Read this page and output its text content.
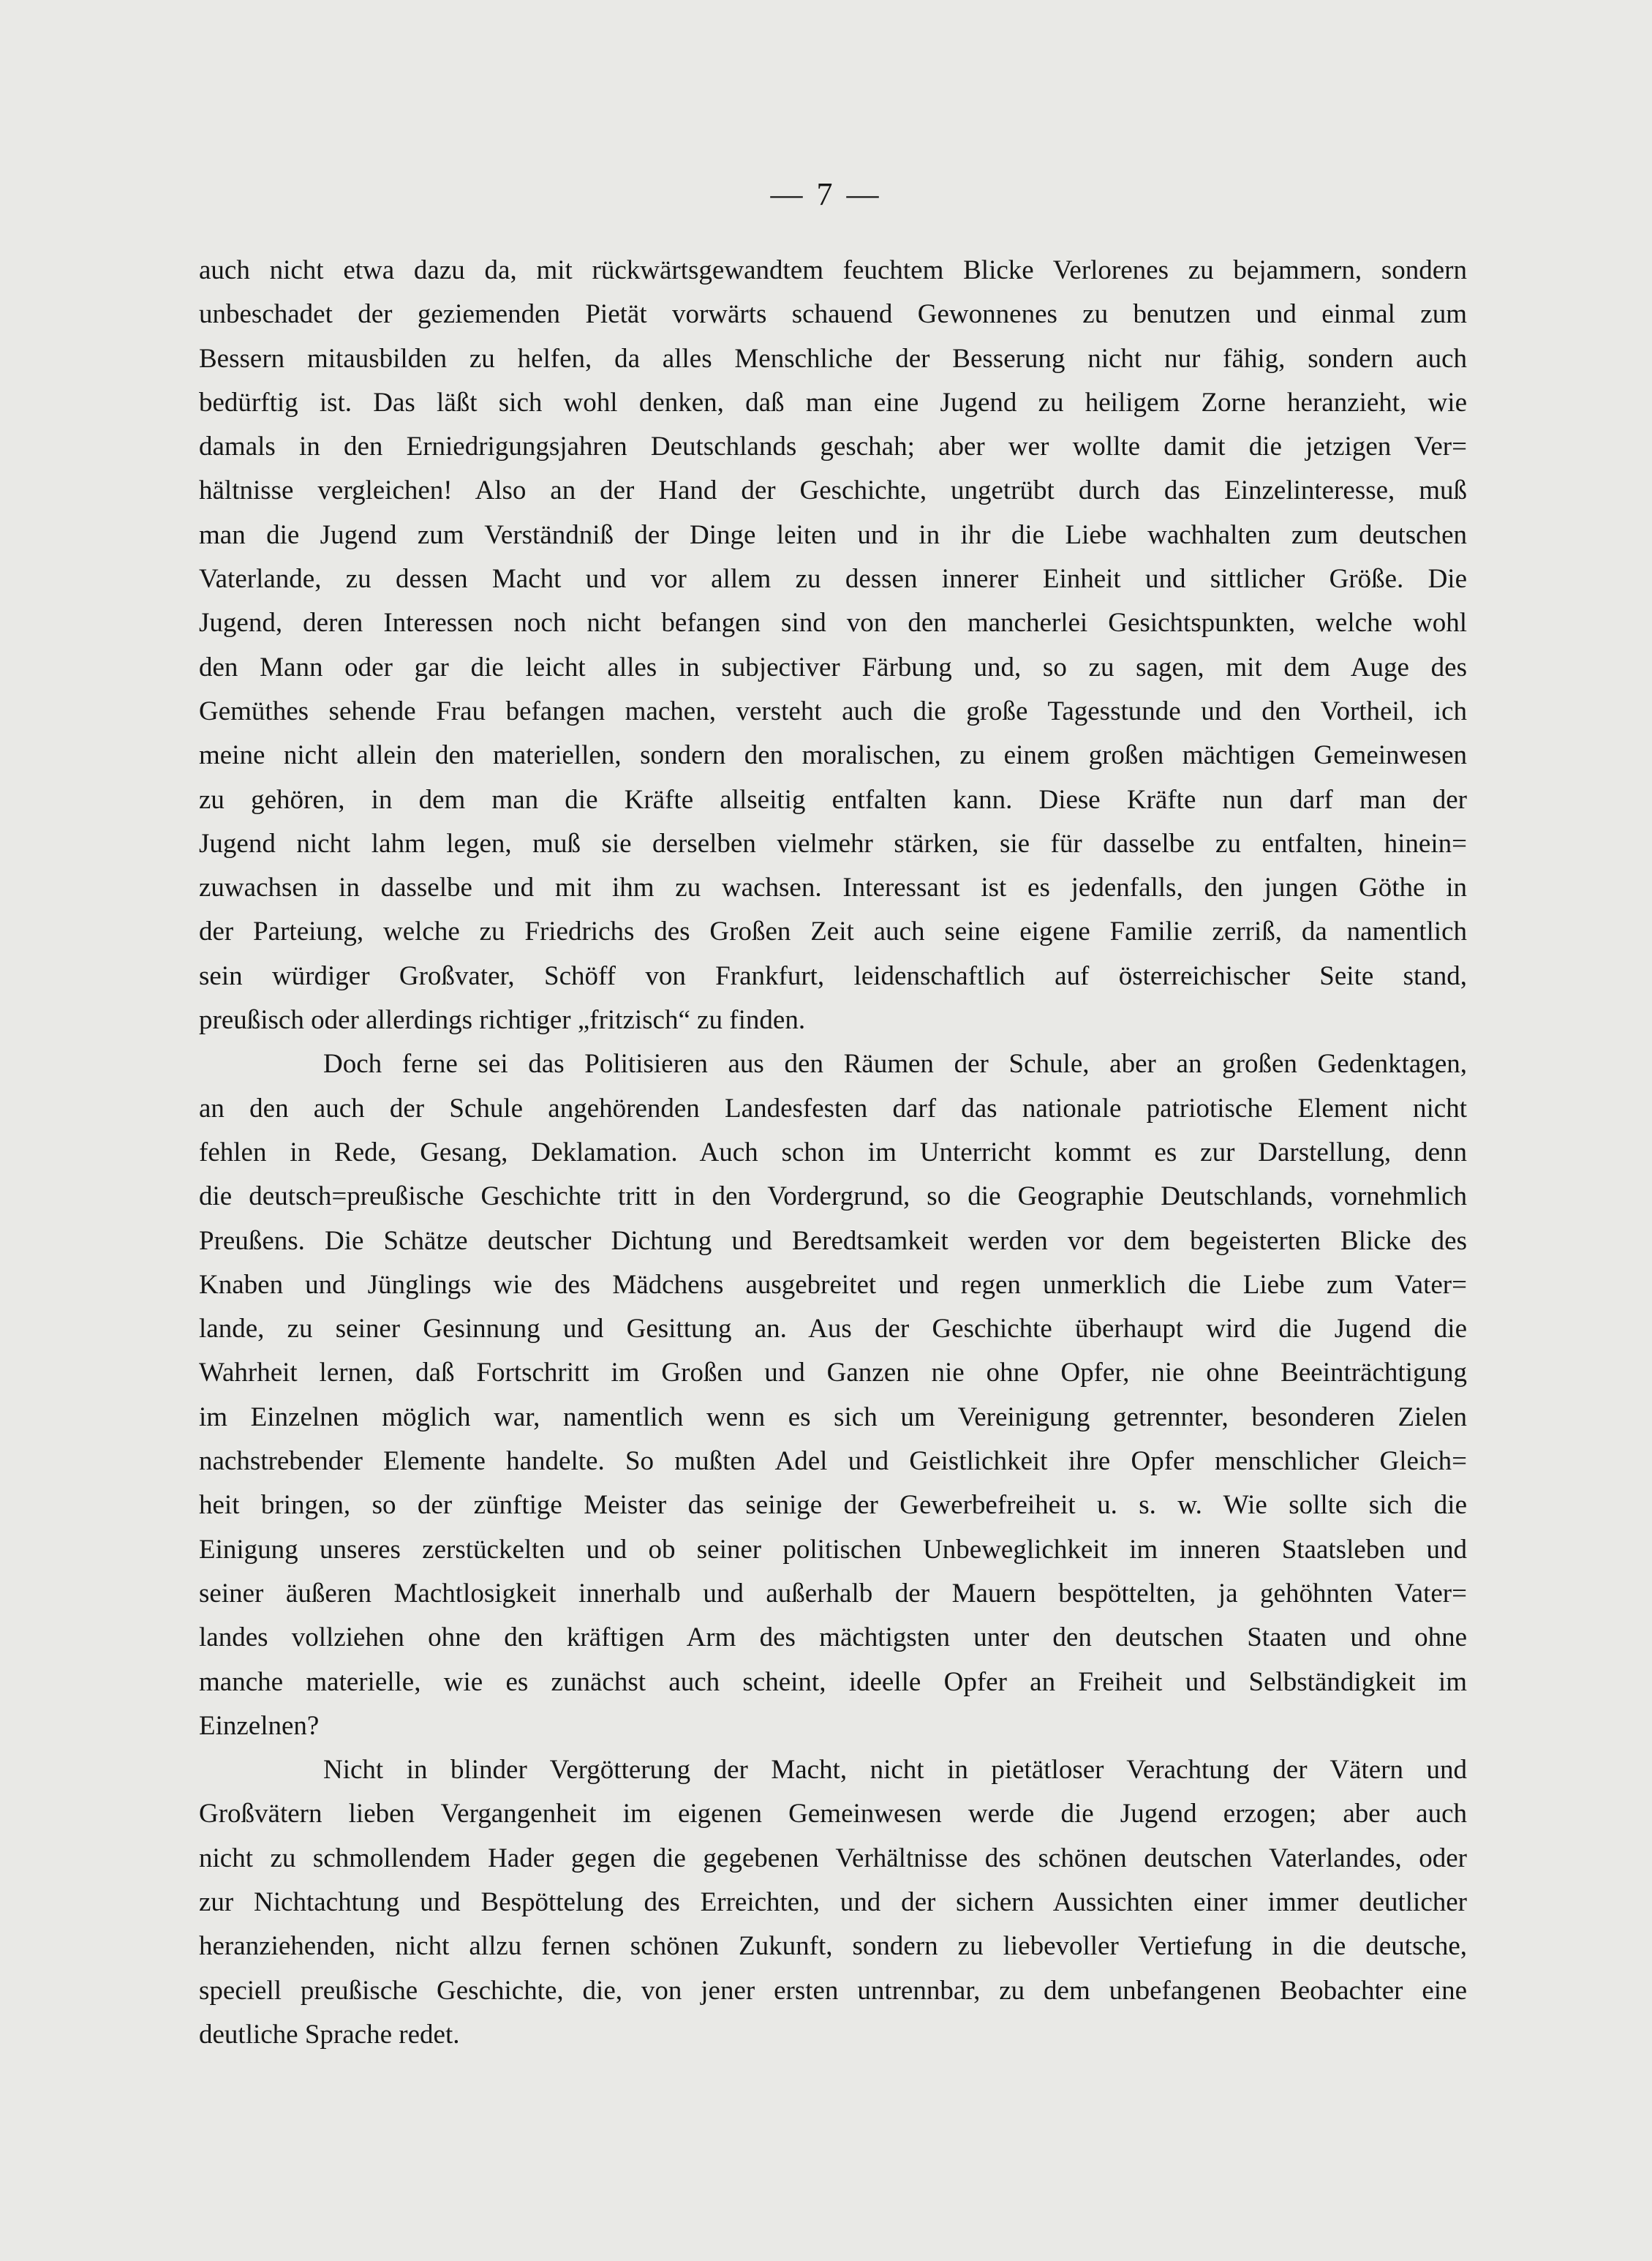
— 7 —
auch nicht etwa dazu da, mit rückwärtsgewandtem feuchtem Blicke Verlorenes zu bejammern, sondern
unbeschadet der geziemenden Pietät vorwärts schauend Gewonnenes zu benutzen und einmal zum
Bessern mitausbilden zu helfen, da alles Menschliche der Besserung nicht nur fähig, sondern auch
bedürftig ist. Das läßt sich wohl denken, daß man eine Jugend zu heiligem Zorne heranzieht, wie
damals in den Erniedrigungsjahren Deutschlands geschah; aber wer wollte damit die jetzigen Ver=
hältnisse vergleichen! Also an der Hand der Geschichte, ungetrübt durch das Einzelinteresse, muß
man die Jugend zum Verständniß der Dinge leiten und in ihr die Liebe wachhalten zum deutschen
Vaterlande, zu dessen Macht und vor allem zu dessen innerer Einheit und sittlicher Größe. Die
Jugend, deren Interessen noch nicht befangen sind von den mancherlei Gesichtspunkten, welche wohl
den Mann oder gar die leicht alles in subjectiver Färbung und, so zu sagen, mit dem Auge des
Gemüthes sehende Frau befangen machen, versteht auch die große Tagesstunde und den Vortheil, ich
meine nicht allein den materiellen, sondern den moralischen, zu einem großen mächtigen Gemeinwesen
zu gehören, in dem man die Kräfte allseitig entfalten kann. Diese Kräfte nun darf man der
Jugend nicht lahm legen, muß sie derselben vielmehr stärken, sie für dasselbe zu entfalten, hinein=
zuwachsen in dasselbe und mit ihm zu wachsen. Interessant ist es jedenfalls, den jungen Göthe in
der Parteiung, welche zu Friedrichs des Großen Zeit auch seine eigene Familie zerriß, da namentlich
sein würdiger Großvater, Schöff von Frankfurt, leidenschaftlich auf österreichischer Seite stand,
preußisch oder allerdings richtiger „fritzisch“ zu finden.
Doch ferne sei das Politisieren aus den Räumen der Schule, aber an großen Gedenktagen,
an den auch der Schule angehörenden Landesfesten darf das nationale patriotische Element nicht
fehlen in Rede, Gesang, Deklamation. Auch schon im Unterricht kommt es zur Darstellung, denn
die deutsch=preußische Geschichte tritt in den Vordergrund, so die Geographie Deutschlands, vornehmlich
Preußens. Die Schätze deutscher Dichtung und Beredtsamkeit werden vor dem begeisterten Blicke des
Knaben und Jünglings wie des Mädchens ausgebreitet und regen unmerklich die Liebe zum Vater=
lande, zu seiner Gesinnung und Gesittung an. Aus der Geschichte überhaupt wird die Jugend die
Wahrheit lernen, daß Fortschritt im Großen und Ganzen nie ohne Opfer, nie ohne Beeinträchtigung
im Einzelnen möglich war, namentlich wenn es sich um Vereinigung getrennter, besonderen Zielen
nachstrebender Elemente handelte. So mußten Adel und Geistlichkeit ihre Opfer menschlicher Gleich=
heit bringen, so der zünftige Meister das seinige der Gewerbefreiheit u. s. w. Wie sollte sich die
Einigung unseres zerstückelten und ob seiner politischen Unbeweglichkeit im inneren Staatsleben und
seiner äußeren Machtlosigkeit innerhalb und außerhalb der Mauern bespöttelten, ja gehöhnten Vater=
landes vollziehen ohne den kräftigen Arm des mächtigsten unter den deutschen Staaten und ohne
manche materielle, wie es zunächst auch scheint, ideelle Opfer an Freiheit und Selbständigkeit im
Einzelnen?
Nicht in blinder Vergötterung der Macht, nicht in pietätloser Verachtung der Vätern und
Großvätern lieben Vergangenheit im eigenen Gemeinwesen werde die Jugend erzogen; aber auch
nicht zu schmollendem Hader gegen die gegebenen Verhältnisse des schönen deutschen Vaterlandes, oder
zur Nichtachtung und Bespöttelung des Erreichten, und der sichern Aussichten einer immer deutlicher
heranziehenden, nicht allzu fernen schönen Zukunft, sondern zu liebevoller Vertiefung in die deutsche,
speciell preußische Geschichte, die, von jener ersten untrennbar, zu dem unbefangenen Beobachter eine
deutliche Sprache redet.
